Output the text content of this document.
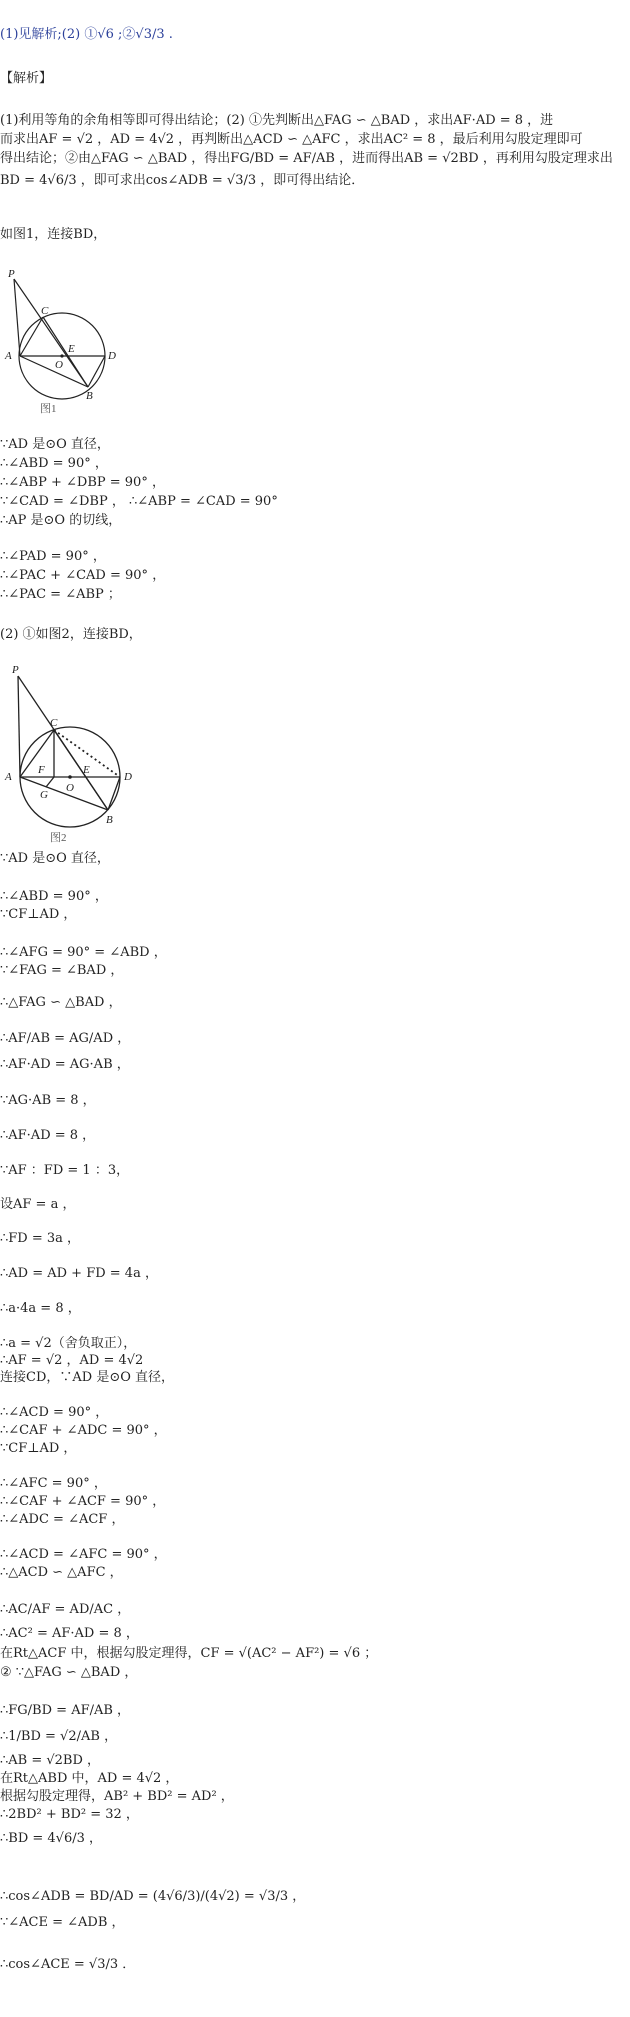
(1)见解析;(2) ①√6 ;②√3/3 .
【解析】
(1)利用等角的余角相等即可得出结论；(2) ①先判断出△FAG ∽ △BAD ，求出AF·AD = 8 ，进
而求出AF = √2 ，AD = 4√2 ，再判断出△ACD ∽ △AFC ，求出AC² = 8 ，最后利用勾股定理即可
得出结论；②由△FAG ∽ △BAD ，得出FG/BD = AF/AB ，进而得出AB = √2BD ，再利用勾股定理求出
BD = 4√6/3 ，即可求出cos∠ADB = √3/3 ，即可得出结论．
如图1，连接BD，
P
C
E
D
A
O
B
图1
∵AD 是⊙O 直径，
∴∠ABD = 90° ，
∴∠ABP + ∠DBP = 90° ，
∵∠CAD = ∠DBP ， ∴∠ABP = ∠CAD = 90°
∴AP 是⊙O 的切线，
∴∠PAD = 90° ，
∴∠PAC + ∠CAD = 90° ，
∴∠PAC = ∠ABP ；
(2) ①如图2，连接BD，
P
C
F	E
D
A
O
G
B
图2
∵AD 是⊙O 直径，
∴∠ABD = 90° ，
∵CF⊥AD ，
∴∠AFG = 90° = ∠ABD ，
∵∠FAG = ∠BAD ，
∴△FAG ∽ △BAD ，
∴AF/AB = AG/AD ，
∴AF·AD = AG·AB ，
∵AG·AB = 8 ，
∴AF·AD = 8 ，
∵AF ：FD = 1 ：3，
设AF = a ，
∴FD = 3a ，
∴AD = AD + FD = 4a ，
∴a·4a = 8 ，
∴a = √2（舍负取正），
∴AF = √2 ，AD = 4√2
连接CD，∵AD 是⊙O 直径，
∴∠ACD = 90° ，
∴∠CAF + ∠ADC = 90° ，
∵CF⊥AD ，
∴∠AFC = 90° ，
∴∠CAF + ∠ACF = 90° ，
∴∠ADC = ∠ACF ，
∴∠ACD = ∠AFC = 90° ，
∴△ACD ∽ △AFC ，
∴AC/AF = AD/AC ，
∴AC² = AF·AD = 8 ，
在Rt△ACF 中，根据勾股定理得，CF = √(AC² − AF²) = √6 ；
② ∵△FAG ∽ △BAD ，
∴FG/BD = AF/AB ，
∴1/BD = √2/AB ，
∴AB = √2BD ，
在Rt△ABD 中，AD = 4√2 ，
根据勾股定理得，AB² + BD² = AD² ，
∴2BD² + BD² = 32 ，
∴BD = 4√6/3 ，
∴cos∠ADB = BD/AD = (4√6/3)/(4√2) = √3/3 ，
∵∠ACE = ∠ADB ，
∴cos∠ACE = √3/3 ．
